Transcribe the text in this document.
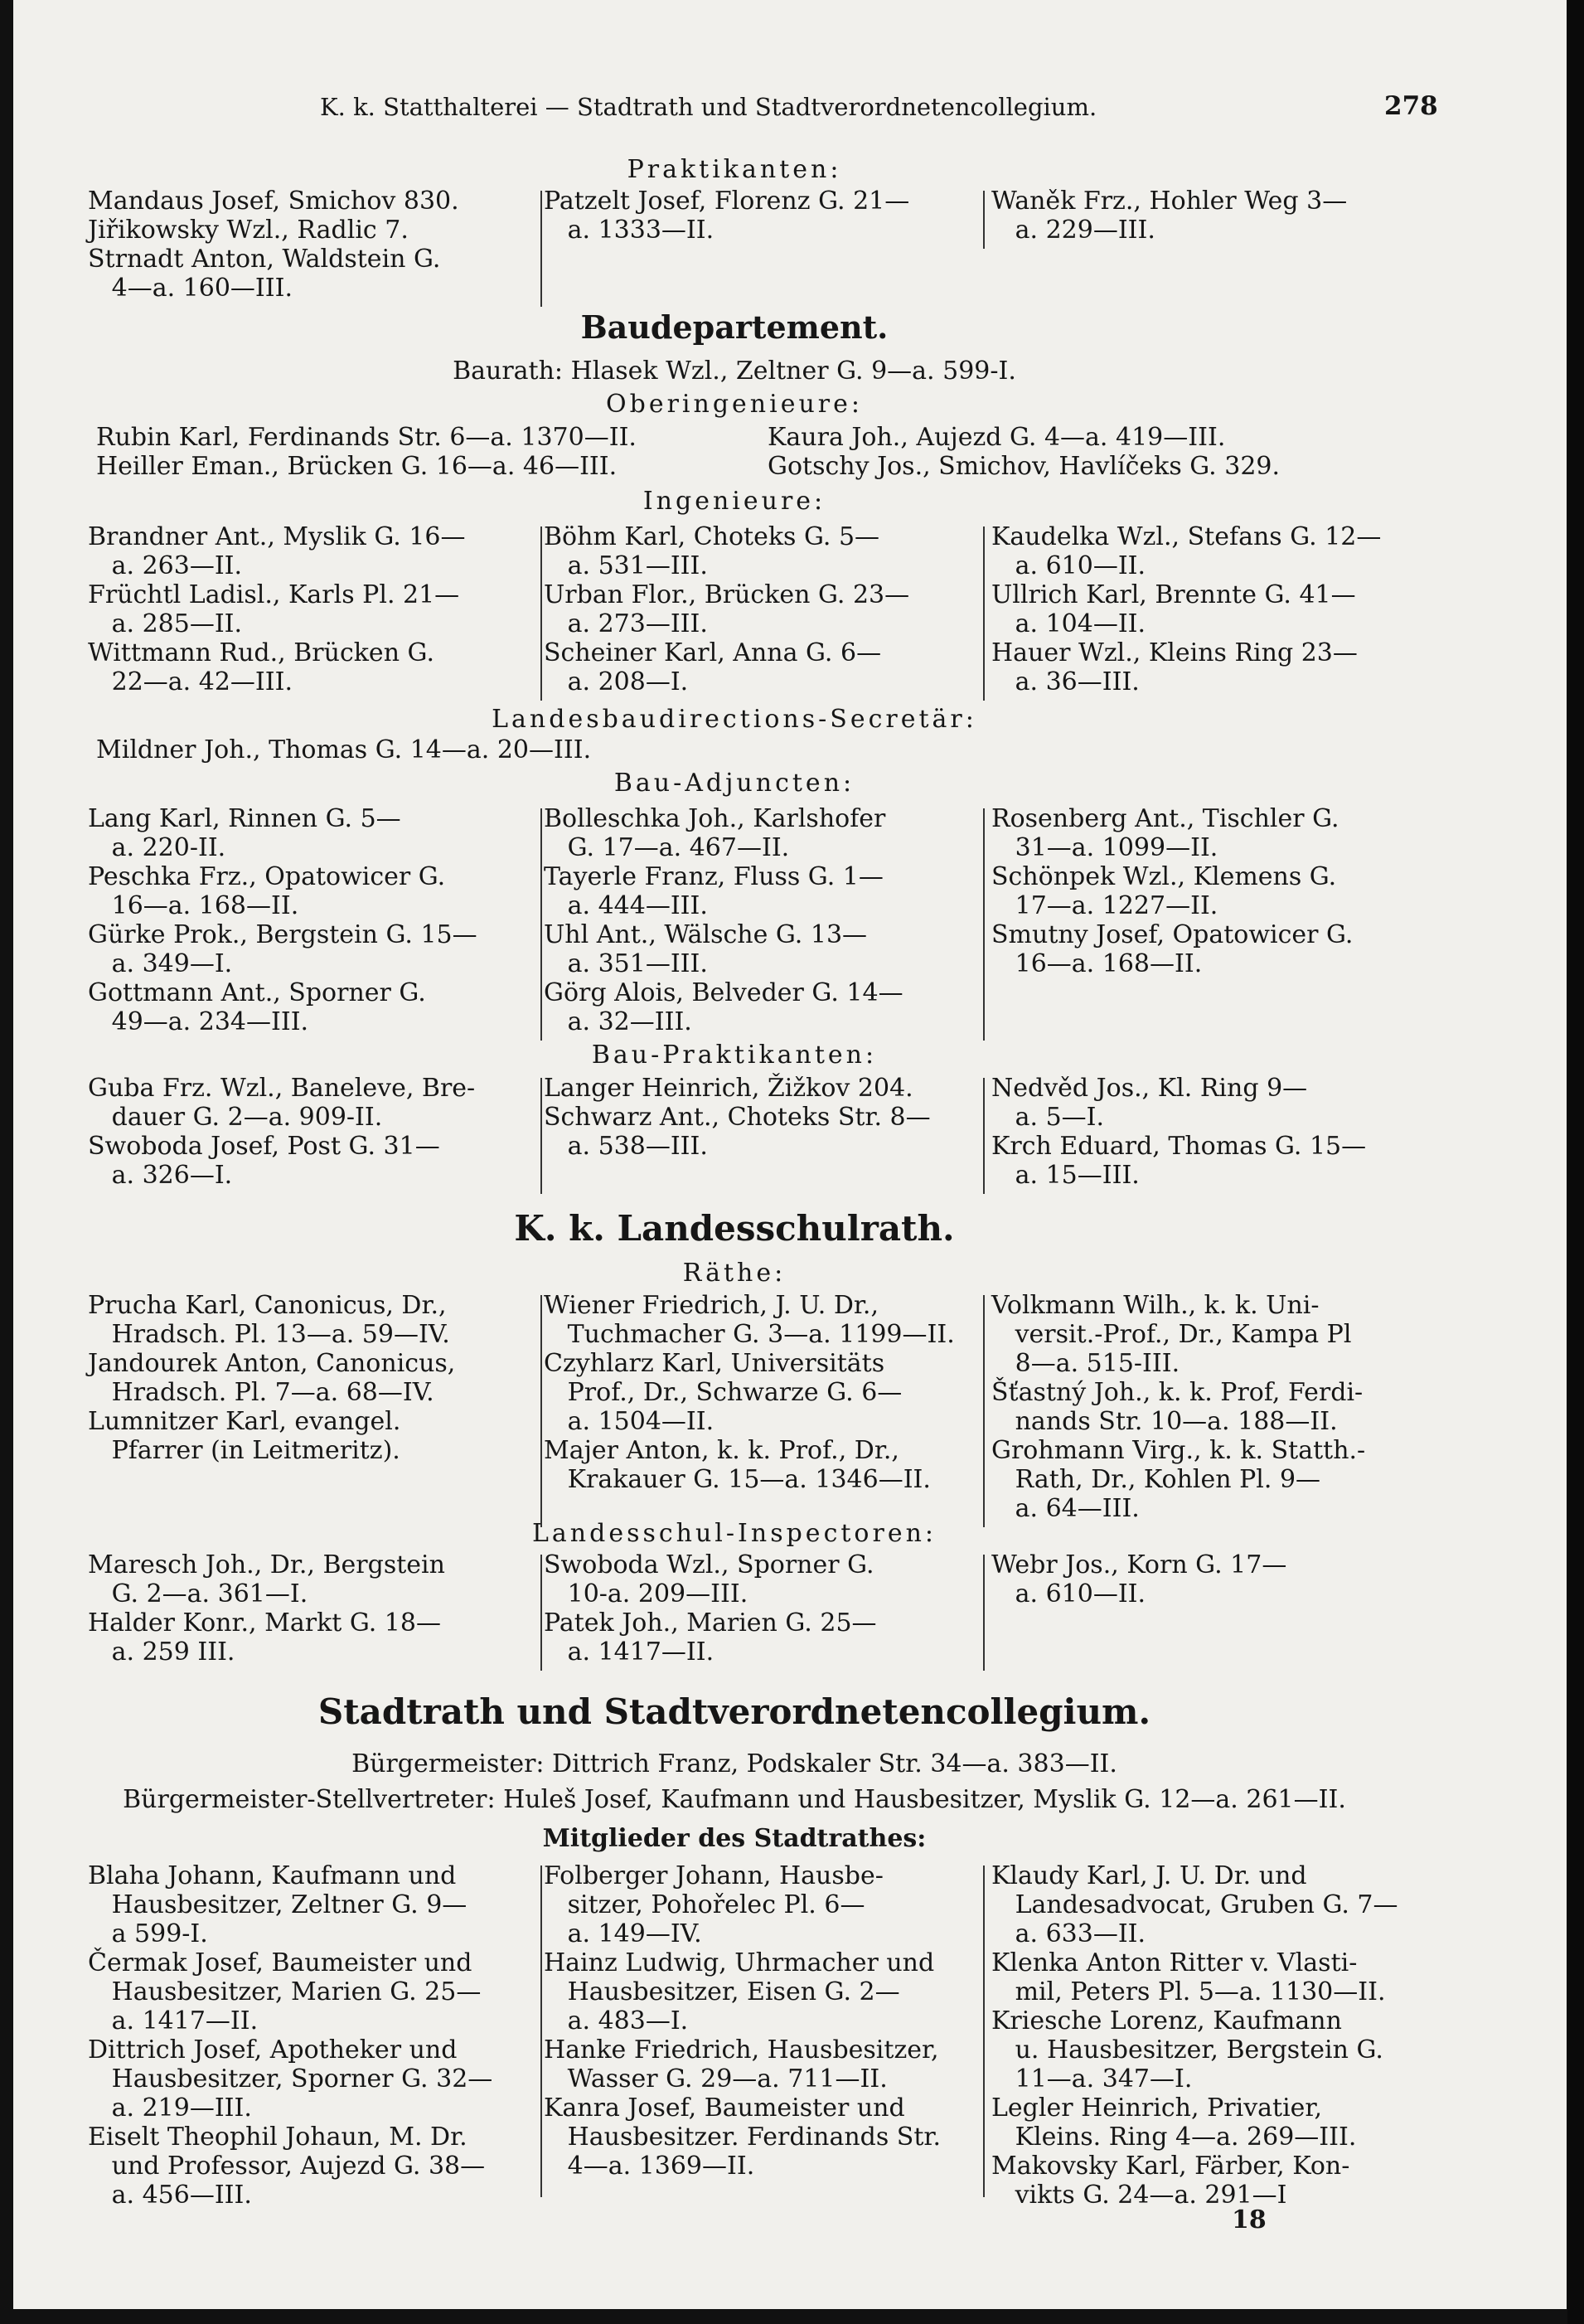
K. k. Statthalterei — Stadtrath und Stadtverordnetencollegium.	278
Praktikanten:
Mandaus Josef, Smichov 830.
Jiřikowsky Wzl., Radlic 7.
Strnadt Anton, Waldstein G.
4—a. 160—III.
Patzelt Josef, Florenz G. 21—
a. 1333—II.
Waněk Frz., Hohler Weg 3—
a. 229—III.
Baudepartement.
Baurath: Hlasek Wzl., Zeltner G. 9—a. 599-I.
Oberingenieure:
Rubin Karl, Ferdinands Str. 6—a. 1370—II.	Kaura Joh., Aujezd G. 4—a. 419—III.
Heiller Eman., Brücken G. 16—a. 46—III.	Gotschy Jos., Smichov, Havlíčeks G. 329.
Ingenieure:
Brandner Ant., Myslik G. 16—
a. 263—II.
Früchtl Ladisl., Karls Pl. 21—
a. 285—II.
Wittmann Rud., Brücken G.
22—a. 42—III.
Böhm Karl, Choteks G. 5—
a. 531—III.
Urban Flor., Brücken G. 23—
a. 273—III.
Scheiner Karl, Anna G. 6—
a. 208—I.
Kaudelka Wzl., Stefans G. 12—
a. 610—II.
Ullrich Karl, Brennte G. 41—
a. 104—II.
Hauer Wzl., Kleins Ring 23—
a. 36—III.
Landesbaudirections-Secretär:
Mildner Joh., Thomas G. 14—a. 20—III.
Bau-Adjuncten:
Lang Karl, Rinnen G. 5—
a. 220-II.
Peschka Frz., Opatowicer G.
16—a. 168—II.
Gürke Prok., Bergstein G. 15—
a. 349—I.
Gottmann Ant., Sporner G.
49—a. 234—III.
Bolleschka Joh., Karlshofer
G. 17—a. 467—II.
Tayerle Franz, Fluss G. 1—
a. 444—III.
Uhl Ant., Wälsche G. 13—
a. 351—III.
Görg Alois, Belveder G. 14—
a. 32—III.
Rosenberg Ant., Tischler G.
31—a. 1099—II.
Schönpek Wzl., Klemens G.
17—a. 1227—II.
Smutny Josef, Opatowicer G.
16—a. 168—II.
Bau-Praktikanten:
Guba Frz. Wzl., Baneleve, Bre-
dauer G. 2—a. 909-II.
Swoboda Josef, Post G. 31—
a. 326—I.
Langer Heinrich, Žižkov 204.
Schwarz Ant., Choteks Str. 8—
a. 538—III.
Nedvěd Jos., Kl. Ring 9—
a. 5—I.
Krch Eduard, Thomas G. 15—
a. 15—III.
K. k. Landesschulrath.
Räthe:
Prucha Karl, Canonicus, Dr.,
Hradsch. Pl. 13—a. 59—IV.
Jandourek Anton, Canonicus,
Hradsch. Pl. 7—a. 68—IV.
Lumnitzer Karl, evangel.
Pfarrer (in Leitmeritz).
Wiener Friedrich, J. U. Dr.,
Tuchmacher G. 3—a. 1199—II.
Czyhlarz Karl, Universitäts
Prof., Dr., Schwarze G. 6—
a. 1504—II.
Majer Anton, k. k. Prof., Dr.,
Krakauer G. 15—a. 1346—II.
Volkmann Wilh., k. k. Uni-
versit.-Prof., Dr., Kampa Pl
8—a. 515-III.
Šťastný Joh., k. k. Prof, Ferdi-
nands Str. 10—a. 188—II.
Grohmann Virg., k. k. Statth.-
Rath, Dr., Kohlen Pl. 9—
a. 64—III.
Landesschul-Inspectoren:
Maresch Joh., Dr., Bergstein
G. 2—a. 361—I.
Halder Konr., Markt G. 18—
a. 259 III.
Swoboda Wzl., Sporner G.
10-a. 209—III.
Patek Joh., Marien G. 25—
a. 1417—II.
Webr Jos., Korn G. 17—
a. 610—II.
Stadtrath und Stadtverordnetencollegium.
Bürgermeister: Dittrich Franz, Podskaler Str. 34—a. 383—II.
Bürgermeister-Stellvertreter: Huleš Josef, Kaufmann und Hausbesitzer, Myslik G. 12—a. 261—II.
Mitglieder des Stadtrathes:
Blaha Johann, Kaufmann und
Hausbesitzer, Zeltner G. 9—
a 599-I.
Čermak Josef, Baumeister und
Hausbesitzer, Marien G. 25—
a. 1417—II.
Dittrich Josef, Apotheker und
Hausbesitzer, Sporner G. 32—
a. 219—III.
Eiselt Theophil Johaun, M. Dr.
und Professor, Aujezd G. 38—
a. 456—III.
Folberger Johann, Hausbe-
sitzer, Pohořelec Pl. 6—
a. 149—IV.
Hainz Ludwig, Uhrmacher und
Hausbesitzer, Eisen G. 2—
a. 483—I.
Hanke Friedrich, Hausbesitzer,
Wasser G. 29—a. 711—II.
Kanra Josef, Baumeister und
Hausbesitzer. Ferdinands Str.
4—a. 1369—II.
Klaudy Karl, J. U. Dr. und
Landesadvocat, Gruben G. 7—
a. 633—II.
Klenka Anton Ritter v. Vlasti-
mil, Peters Pl. 5—a. 1130—II.
Kriesche Lorenz, Kaufmann
u. Hausbesitzer, Bergstein G.
11—a. 347—I.
Legler Heinrich, Privatier,
Kleins. Ring 4—a. 269—III.
Makovsky Karl, Färber, Kon-
vikts G. 24—a. 291—I
18
